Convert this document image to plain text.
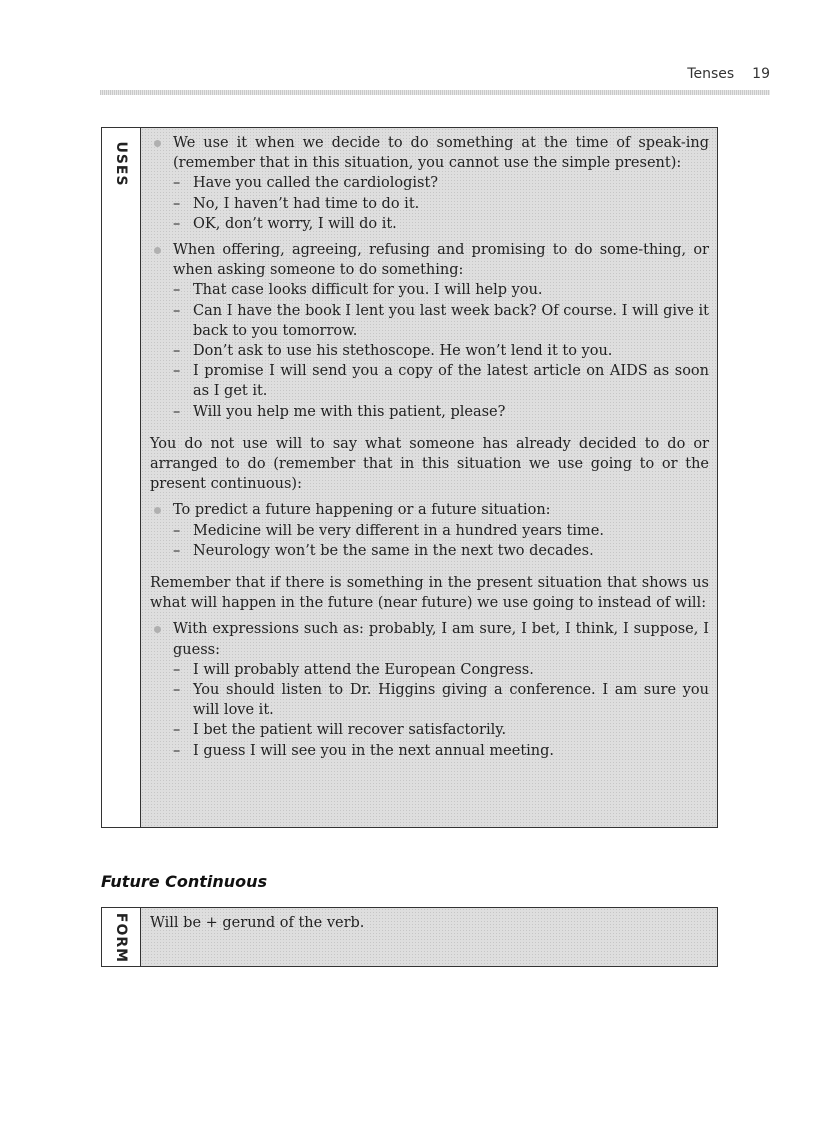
Tenses 19
USES	We use it when we decide to do something at the time of speak-ing (remember that in this situation, you cannot use the simple present):

– Have you called the cardiologist?

– No, I haven’t had time to do it.

– OK, don’t worry, I will do it.

When offering, agreeing, refusing and promising to do some-thing, or when asking someone to do something:

– That case looks difficult for you. I will help you.

– Can I have the book I lent you last week back? Of course. I will give it back to you tomorrow.

– Don’t ask to use his stethoscope. He won’t lend it to you.

– I promise I will send you a copy of the latest article on AIDS as soon as I get it.

– Will you help me with this patient, please?

You do not use will to say what someone has already decided to do or arranged to do (remember that in this situation we use going to or the present continuous):

To predict a future happening or a future situation:

– Medicine will be very different in a hundred years time.

– Neurology won’t be the same in the next two decades.

Remember that if there is something in the present situation that shows us what will happen in the future (near future) we use going to instead of will:

With expressions such as: probably, I am sure, I bet, I think, I suppose, I guess:

– I will probably attend the European Congress.

– You should listen to Dr. Higgins giving a conference. I am sure you will love it.

– I bet the patient will recover satisfactorily.

– I guess I will see you in the next annual meeting.

Future Continuous
FORM Will be + gerund of the verb.
